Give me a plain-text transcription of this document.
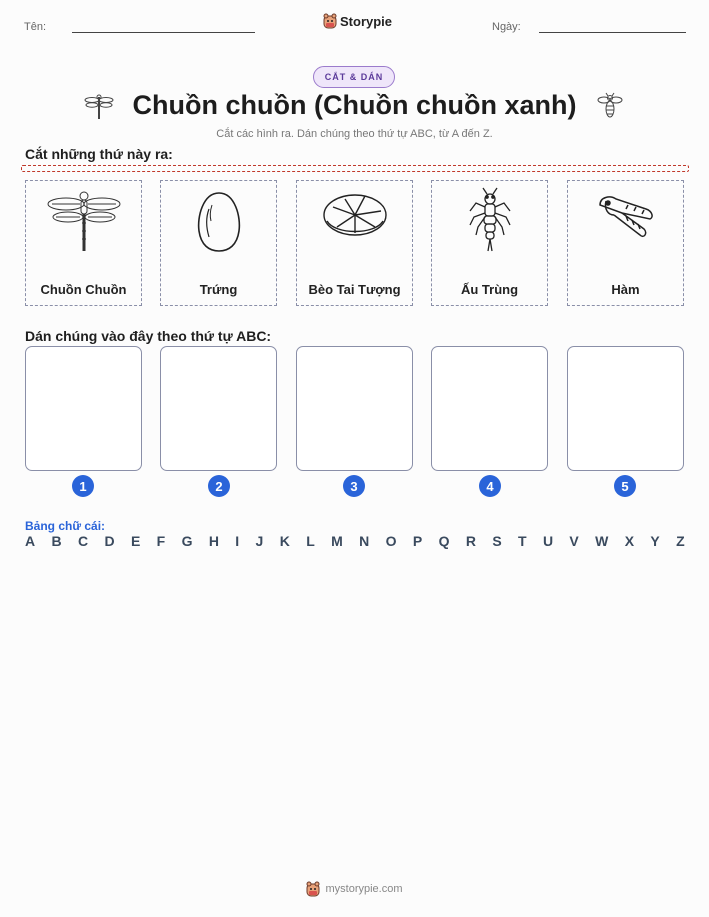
Tên:	Storypie	Ngày:
CẮT & DÁN
Chuồn chuồn (Chuồn chuồn xanh)
Cắt các hình ra. Dán chúng theo thứ tự ABC, từ A đến Z.
Cắt những thứ này ra:
Chuồn Chuồn	Trứng	Bèo Tai Tượng	Ấu Trùng	Hàm
Dán chúng vào đây theo thứ tự ABC:
1	2	3	4	5
Bảng chữ cái:
A B C D E F G H I J K L M N O P Q R S T U V W X Y Z
mystorypie.com
